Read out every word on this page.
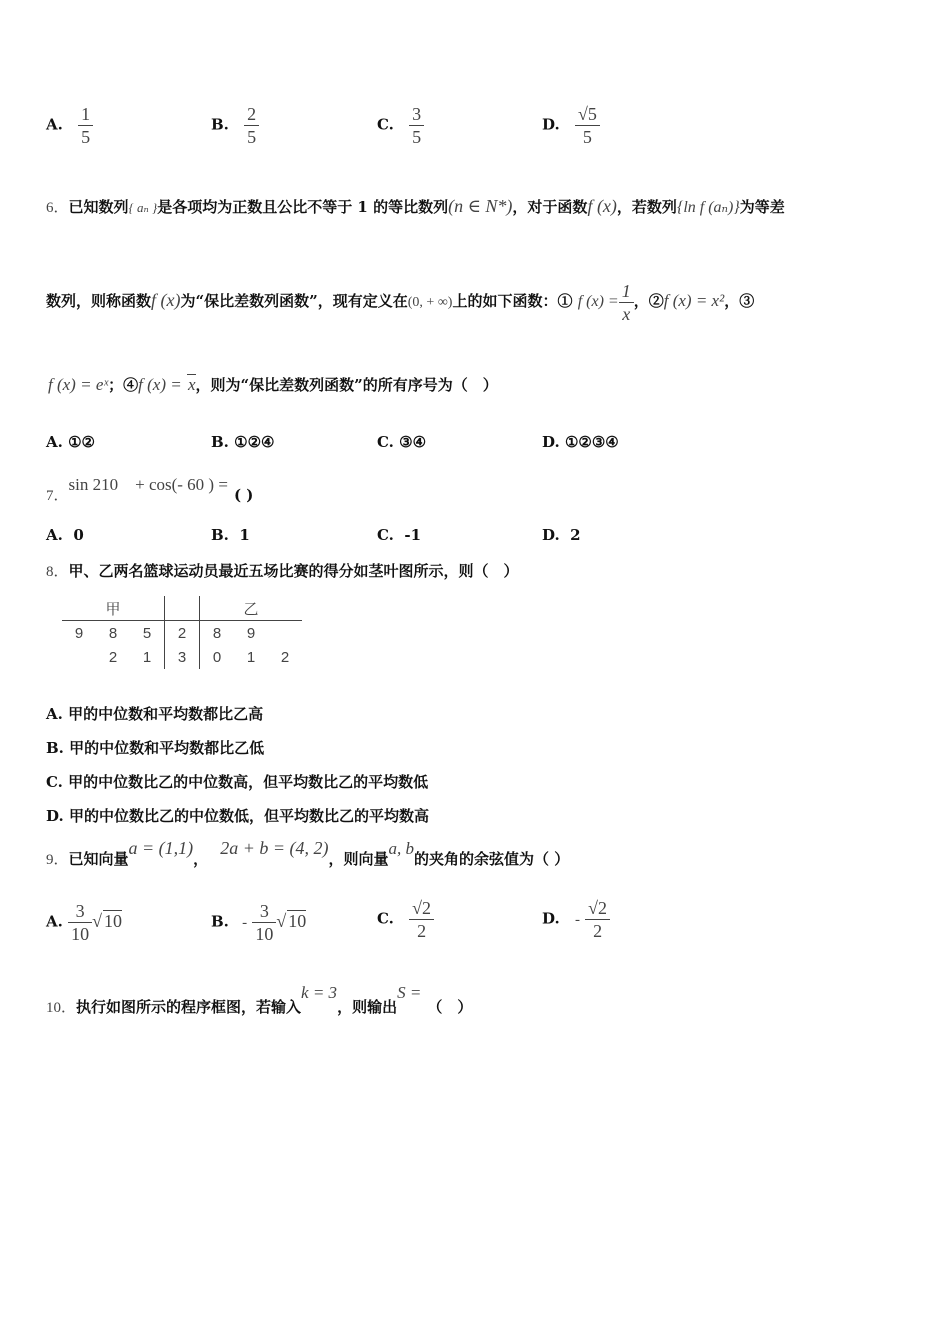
A. $\frac{1}{5}$	B. $\frac{2}{5}$	C. $\frac{3}{5}$	D. $\frac{√5}{5}$
6．已知数列{ aₙ }是各项均为正数且公比不等于 1 的等比数列(n ∈ N*)，对于函数f (x)，若数列{ln f (aₙ)}为等差
数列，则称函数f (x)为“保比差数列函数”，现有定义在(0, + ∞)上的如下函数：① f $(x) = \frac{1}{x}$ ，②f (x) = x²，③
f (x) = eˣ；④f (x) = x，则为“保比差数列函数”的所有序号为（　）
A. ①②	B. ①②④	C. ③④	D. ①②③④
7．sin 210　+ cos(- 60 ) =( )
A. 0	B. 1	C. -1	D. 2
8．甲、乙两名篮球运动员最近五场比赛的得分如茎叶图所示，则（　）
甲				乙		
9	8	5	2	8	9	
	2	1	3	0	1	2
A. 甲的中位数和平均数都比乙高
B. 甲的中位数和平均数都比乙低
C. 甲的中位数比乙的中位数高，但平均数比乙的平均数低
D. 甲的中位数比乙的中位数低，但平均数比乙的平均数高
9．已知向量a = (1,1)，2a + b = (4, 2)，则向量a, b的夹角的余弦值为（ ）
A. $\frac{3}{10}$ √ 10	B. - $\frac{3}{10}$ √ 10	C. $\frac{√2}{2}$	D. - $\frac{√2}{2}$
10．执行如图所示的程序框图，若输入k = 3，则输出S =（　）
